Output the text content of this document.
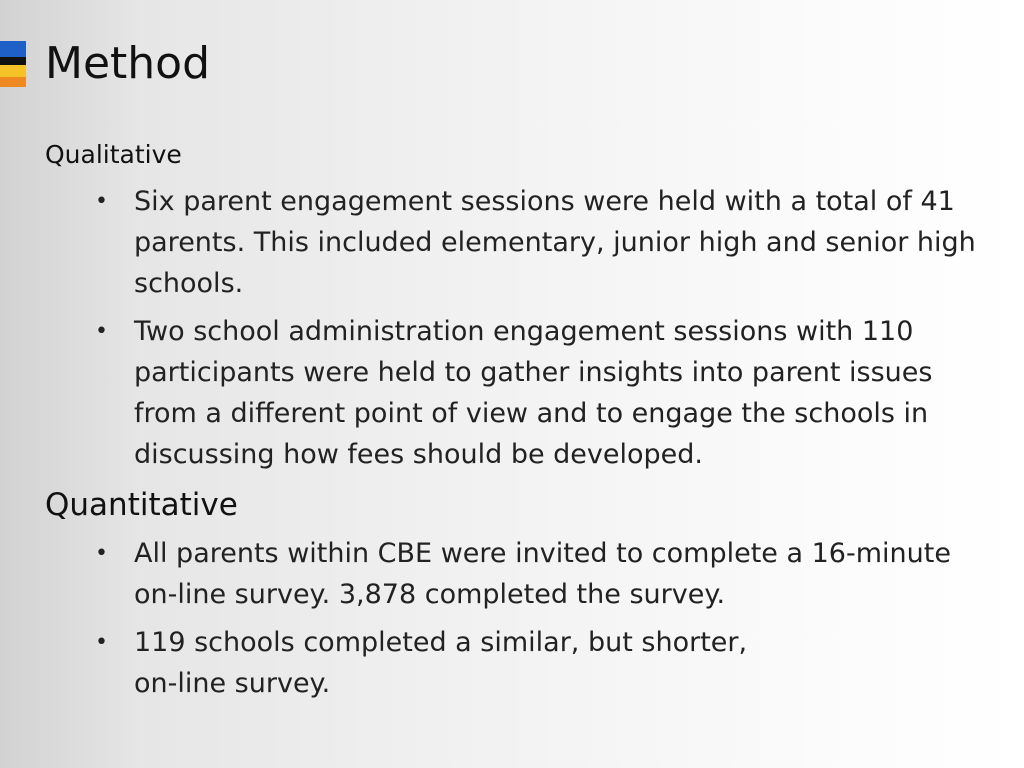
Method
Qualitative
• Six parent engagement sessions were held with a total of 41 parents. This included elementary, junior high and senior high schools.
• Two school administration engagement sessions with 110 participants were held to gather insights into parent issues from a different point of view and to engage the schools in discussing how fees should be developed.
Quantitative
• All parents within CBE were invited to complete a 16-minute on-line survey. 3,878 completed the survey.
• 119 schools completed a similar, but shorter,
on-line survey.
